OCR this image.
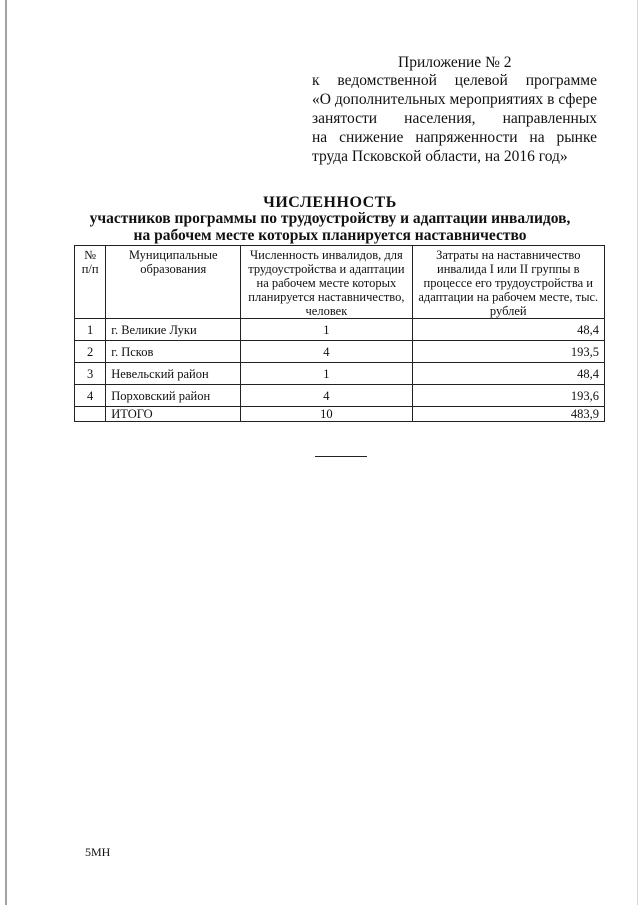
Приложение № 2
к ведомственной целевой программе
«О дополнительных мероприятиях в сфере
занятости населения, направленных
на снижение напряженности на рынке
труда Псковской области, на 2016 год»
ЧИСЛЕННОСТЬ
участников программы по трудоустройству и адаптации инвалидов,
на рабочем месте которых планируется наставничество
№ п/п	Муниципальные образования	Численность инвалидов, для трудоустройства и адаптации на рабочем месте которых планируется наставничество, человек	Затраты на наставничество инвалида I или II группы в процессе его трудоустройства и адаптации на рабочем месте, тыс. рублей
1	г. Великие Луки	1	48,4
2	г. Псков	4	193,5
3	Невельский район	1	48,4
4	Порховский район	4	193,6
	ИТОГО	10	483,9
5МН
